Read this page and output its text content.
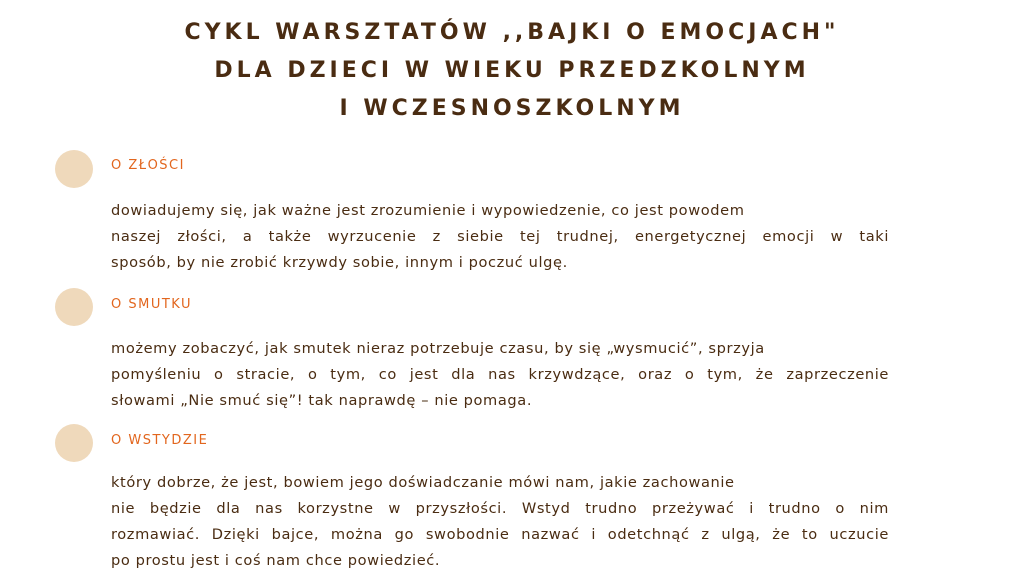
CYKL WARSZTATÓW ,,BAJKI O EMOCJACH"
DLA DZIECI W WIEKU PRZEDZKOLNYM
I WCZESNOSZKOLNYM
O ZŁOŚCI
dowiadujemy się, jak ważne jest zrozumienie i wypowiedzenie, co jest powodem
naszej złości, a także wyrzucenie z siebie tej trudnej, energetycznej emocji w taki
sposób, by nie zrobić krzywdy sobie, innym i poczuć ulgę.
O SMUTKU
możemy zobaczyć, jak smutek nieraz potrzebuje czasu, by się „wysmucić”, sprzyja
pomyśleniu o stracie, o tym, co jest dla nas krzywdzące, oraz o tym, że zaprzeczenie
słowami „Nie smuć się”! tak naprawdę – nie pomaga.
O WSTYDZIE
który dobrze, że jest, bowiem jego doświadczanie mówi nam, jakie zachowanie
nie będzie dla nas korzystne w przyszłości. Wstyd trudno przeżywać i trudno o nim
rozmawiać. Dzięki bajce, można go swobodnie nazwać i odetchnąć z ulgą, że to uczucie
po prostu jest i coś nam chce powiedzieć.
